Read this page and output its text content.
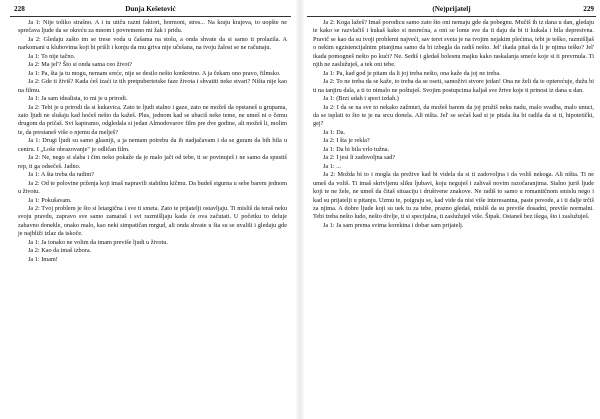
228	Dunja Kešetović

Ja 1: Nije toliko strašno. A i tu utiču razni faktori, hormoni, stres... Na kraju krajeva, to uopšte ne sprečava ljude da se okreću za mnom i povremeno mi žak i pridu.

Ja 2: Gledaju zašto im se trese voda u čašama na stolu, a onda shvate da si samo ti prolazila. A narkomani u klubovima koji bi prišli i konju da mu griva nije učešana, na tvoju žalost se ne računaju.

Ja 1: To nije tačno.

Ja 2: Ma jel'? Što si onda sama ceo život?

Ja 1: Pa, šta ja tu mogu, nemam sreće, nije se desilo nešto konkretno. A ja čekam ono pravo, filmsko.

Ja 2: Gde ti živiš? Kada ćeš izaći iz tih pretpubertetske faze života i shvatiti neke stvari? Ništa nije kao na filmu.

Ja 1: Ja sam idealista, to mi je u prirodi.

Ja 2: Tebi je u prirodi da si kukavica. Zato te ljudi stalno i gaze, zato ne možeš da opstaneš u grupama, zato ljudi ne slušaju kad hoćeš nešto da kažeš. Plus, jednom kad se ubaciš neke teme, ne umeš ni o čemu drugom da pričaš. Svi kapiramo, odgledala si jedan Almodovarov film pre dve godine, ali možeš li, molim te, da prestaneš više o njemu da melješ?

Ja 1: Drugi ljudi su samo glasniji, a ja nemam potrebu da ih nadjačavam i da se guram da bih bila u centru. I „Loše obrazovanje" je odličan film.

Ja 2: Ne, nego si slaba i čim neko pokaže da je malo jači od tebe, ti se povinuješ i ne samo da spustiš rep, ti ga odsečeš. Jadno.

Ja 1: A šta treba da radim?

Ja 2: Od te polovine prženja koji imaš napravili stabilnu kičmu. Da budeš sigurna u sebe barem jednom u životu.

Ja 1: Pokušavam.

Ja 2: Tvoj problem je što si letargična i sve ti smeta. Zato te prijatelji ostavljaju. Ti misliš da teraš neku svoju pravdu, zapravo sve samo zamaraš i svi razmišljaju kada će ova začutati. U početku to deluje zabavno donekle, onako malo, kao neki simpatičan mrgud, ali onda shvate u šta su se uvalili i gledaju gde je najbliži izlaz da iskoče.

Ja 1: Ja ionako ne volim da imam previše ljudi u životu.

Ja 2: Kao da imaš izbora.

Ja 1: Imam!

(Ne)prijatelj	229

Ja 2: Koga lažeš? Imaš porodicu samo zato što oni nemaju gde da pobegnu. Mučiš ih iz dana u dan, gledaju te kako se razvlačiš i kukaš kako si nesrećna, a oni se lome sve da ti daju da bi ti kukala i bila depresivna. Pravič se kao da su tvoji problemi najveći, sav teret sveta je na tvojim nejakim plećima, tebi je teško, razmišljaš o nekim egzistencijalnim pitanjima samo da bi izbegla da radiš nešto. Jel' ikada pitaš da li je njima teško? Jel' ikada pomogneš nešto po kući? Ne. Sediš i gledaš bolesnu majku kako raskalanja smeće koje si ti prevrnula. Ti njih ne zaslužuješ, a tek oni tebe.

Ja 1: Pa, kad god je pitam da li joj treba nešto, ona kaže da joj ne treba.

Ja 2: To ne treba da se kaže, to treba da se oseti, samoživi stvore jedan! Ona ne želi da te opterećuje, dužu bi ti na tanjiru dala, a ti to nimalo ne poštuješ. Svojim postupcima kaljaš sve žrtve koje ti prinosi iz dana u dan.

Ja 1: (Brzi udah i spori izdah.)

Ja 2: I da se na sve to nekako zažmuri, da možeš barem da joj pružiš neku nadu, malo svadba, malo unuci, da se isplati to što te je na srcu donela. Ali ništa. Jel' se sećaš kad si je pitala šta bi radila da si ti, hipotetički, gej?

Ja 1: Da.

Ja 2: I šta je rekla?

Ja 1: Da bi bila vrlo tužna.

Ja 2: I jesi li zadovoljna sad?

Ja 1: ...

Ja 2: Možda bi to i mogla da prežive kad bi videla da si ti zadovoljna i da voliš nekoga. Ali ništa. Ti ne umeš da voliš. Ti imaš skrivljenu sliku ljubavi, koju neguješ i zalivaš novim razočaranjima. Stalno juriš ljude koji te ne žele, ne umeš da čitaš situaciju i društvene znakove. Ne radiš to samo u romantičnom smislu nego i kad su prijatelji u pitanju. Uzmu te, poigraju se, kad vide da nisi više interesantna, paste povode, a i ti dalje trčiš za njima. A dobre ljude koji su uek tu za tebe, prazno gledaš, misliš da su previše dosadni, previše normalni. Tebi treba nešto ludo, nešto divlje, ti si specijalna, ti zaslužuješ više. Šipak. Ostaneš bez išega, što i zaslužuješ.

Ja 1: Ja sam prema svima korektna i dobar sam prijatelj.
